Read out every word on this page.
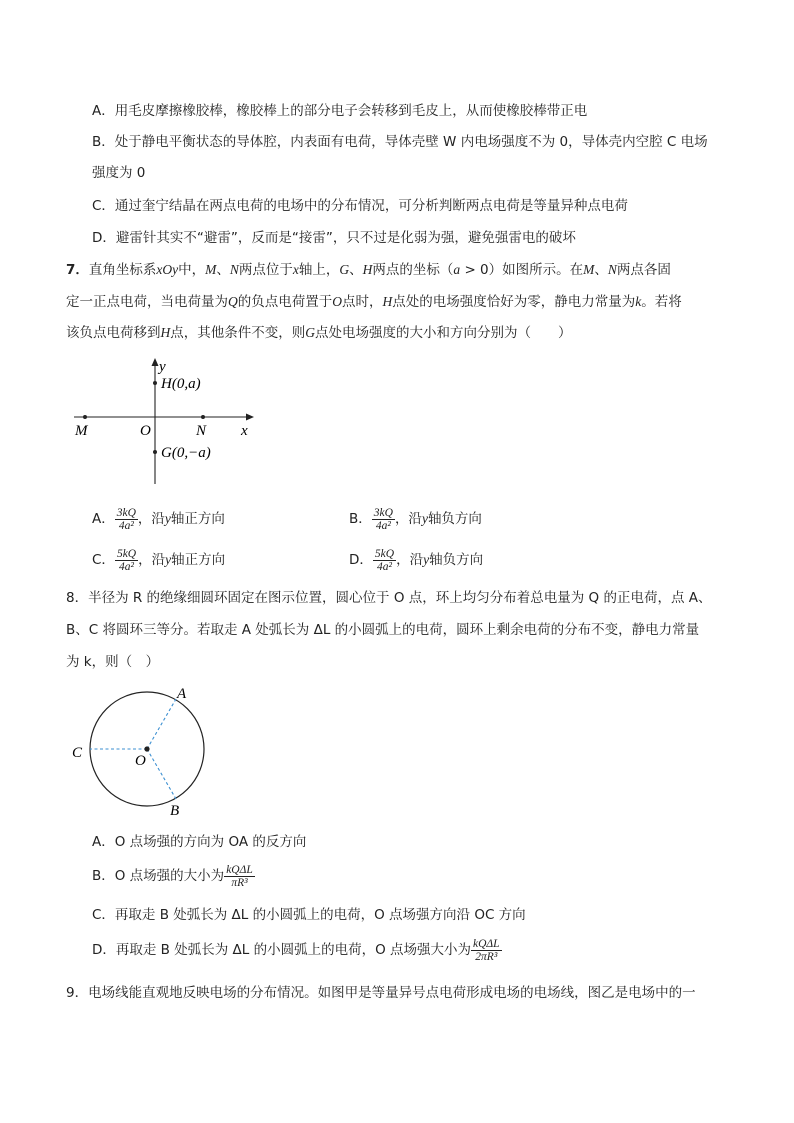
A．用毛皮摩擦橡胶棒，橡胶棒上的部分电子会转移到毛皮上，从而使橡胶棒带正电
B．处于静电平衡状态的导体腔，内表面有电荷，导体壳壁 W 内电场强度不为 0，导体壳内空腔 C 电场
强度为 0
C．通过奎宁结晶在两点电荷的电场中的分布情况，可分析判断两点电荷是等量异种点电荷
D．避雷针其实不“避雷”，反而是“接雷”，只不过是化弱为强，避免强雷电的破坏
7．直角坐标系xOy中，M、N两点位于x轴上，G、H两点的坐标（a > 0）如图所示。在M、N两点各固
定一正点电荷，当电荷量为Q的负点电荷置于O点时，H点处的电场强度恰好为零，静电力常量为k。若将
该负点电荷移到H点，其他条件不变，则G点处电场强度的大小和方向分别为（　　）
y
H(0,a)
M	O	N x
G(0,−a)
A． $\frac{3kQ}{\text{4a²}}$ ，沿y轴正方向	B． $\frac{3kQ}{\text{4a²}}$ ，沿y轴负方向
C． $\frac{5kQ}{\text{4a²}}$ ，沿y轴正方向	D． $\frac{5kQ}{\text{4a²}}$ ，沿y轴负方向
8．半径为 R 的绝缘细圆环固定在图示位置，圆心位于 O 点，环上均匀分布着总电量为 Q 的正电荷，点 A、
B、C 将圆环三等分。若取走 A 处弧长为 ΔL 的小圆弧上的电荷，圆环上剩余电荷的分布不变，静电力常量
为 k，则（　）
A
B
C	O
A．O 点场强的方向为 OA 的反方向
B．O 点场强的大小为 $\frac{\text{kQΔL}}{\text{πR³}}$
C．再取走 B 处弧长为 ΔL 的小圆弧上的电荷，O 点场强方向沿 OC 方向
D．再取走 B 处弧长为 ΔL 的小圆弧上的电荷，O 点场强大小为 $\frac{\text{kQΔL}}{\text{2πR³}}$
9．电场线能直观地反映电场的分布情况。如图甲是等量异号点电荷形成电场的电场线，图乙是电场中的一
